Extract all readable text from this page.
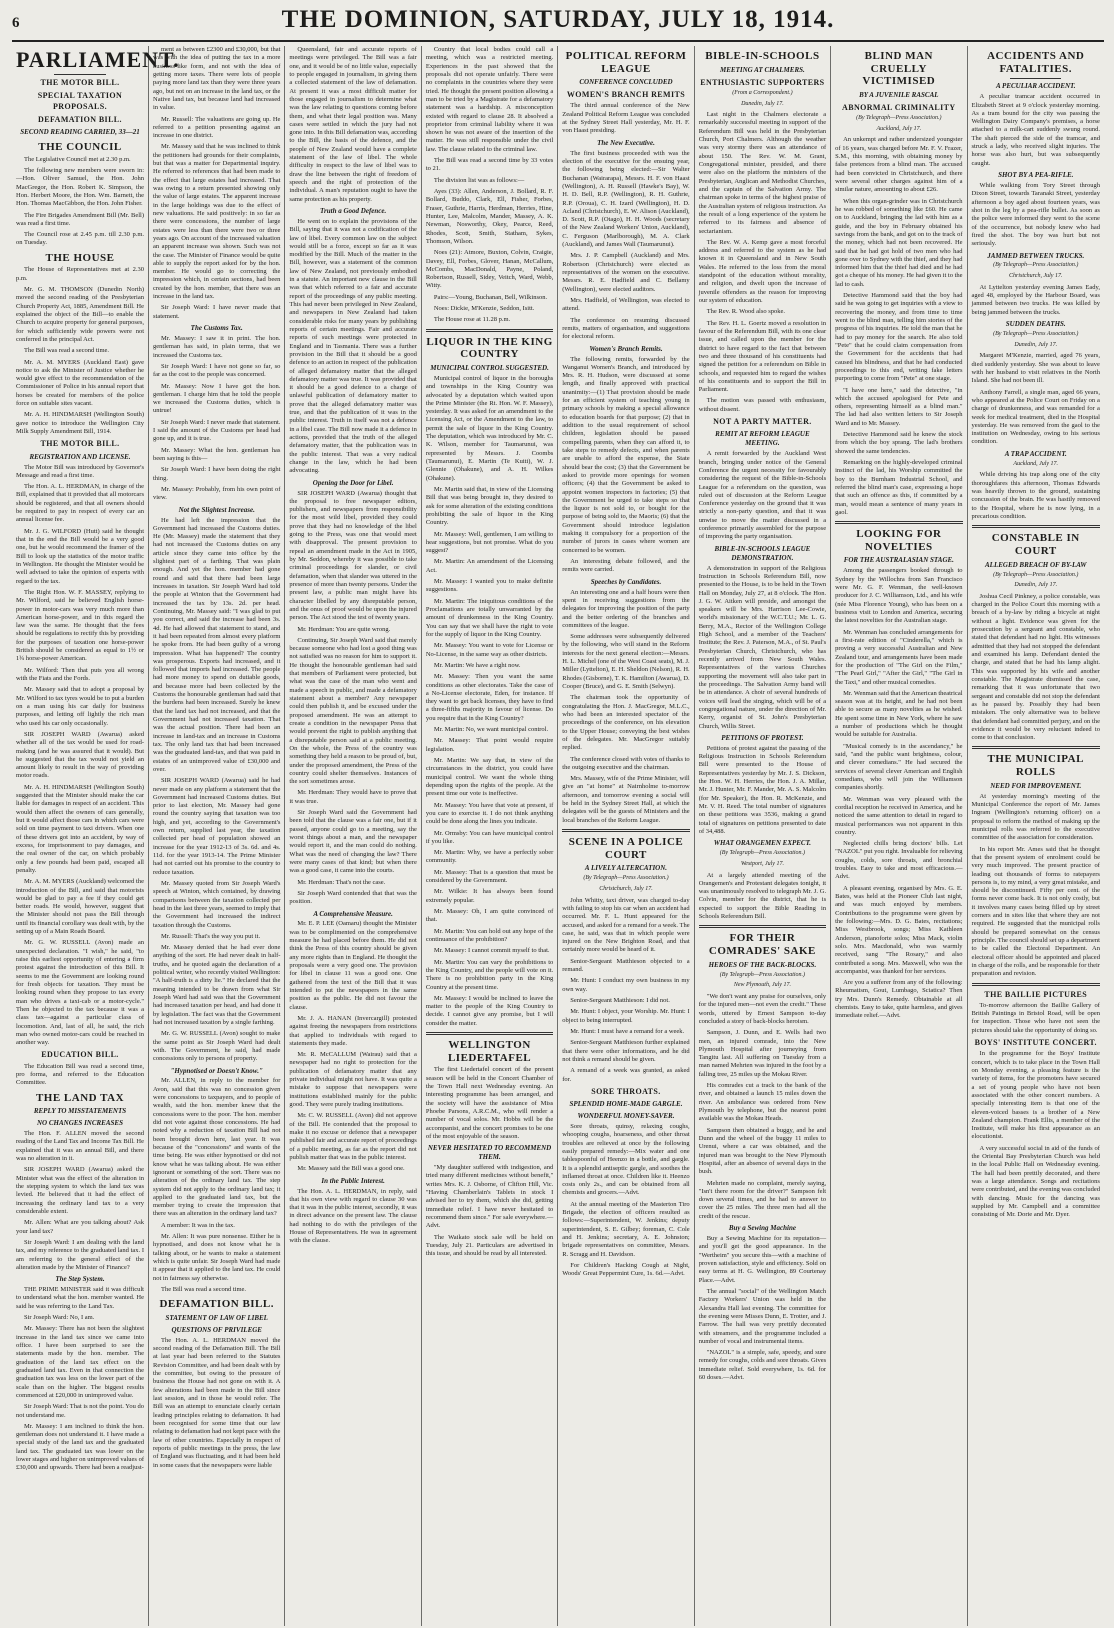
6	THE DOMINION, SATURDAY, JULY 18, 1914.
PARLIAMENT.
THE MOTOR BILL.
SPECIAL TAXATION PROPOSALS.
DEFAMATION BILL.
SECOND READING CARRIED, 33—21
THE COUNCIL

The Legislative Council met at 2.30 p.m.

The following new members were sworn in:—Hon. Oliver Samuel, the Hon. John MacGregor, the Hon. Robert K. Simpson, the Hon. Herbert Moore, the Hon. Wm. Barnett, the Hon. Thomas MacGibbon, the Hon. John Fisher.

The Fire Brigades Amendment Bill (Mr. Bell) was read a first time.

The Council rose at 2.45 p.m. till 2.30 p.m. on Tuesday.

THE HOUSE

The House of Representatives met at 2.30 p.m.

Mr. G. M. THOMSON (Dunedin North) moved the second reading of the Presbyterian Church Property Act, 1885, Amendment Bill. He explained the object of the Bill—to enable the Church to acquire property for general purposes, for which sufficiently wide powers were not conferred in the principal Act.

The Bill was read a second time.

Mr. A. M. MYERS (Auckland East) gave notice to ask the Minister of Justice whether he would give effect to the recommendation of the Commissioner of Police in his annual report that horses be created for members of the police force on suitable sites vacant.

Mr. A. H. HINDMARSH (Wellington South) gave notice to introduce the Wellington City Milk Supply Amendment Bill, 1914.

THE MOTOR BILL.
REGISTRATION AND LICENSE.

The Motor Bill was introduced by Governor's Message and read a first time.

The Hon. A. L. HERDMAN, in charge of the Bill, explained that it provided that all motorcars should be registered, and that all owners should be required to pay in respect of every car an annual license fee.

Mr. J. G. WILFORD (Hutt) said he thought that in the end the Bill would be a very good one, but he would recommend the framer of the Bill to look up the statistics of the motor traffic in Wellington. He thought the Minister would be well advised to take the opinion of experts with regard to the tax.

The Right Hon. W. F. MASSEY, replying to Mr. Wilford, said he believed English horse-power in motor-cars was very much more than American horse-power, and in this regard the law was the same. He thought that the fees should be regulations to rectify this by providing for the purposes of taxation one horse-power British should be considered as equal to 1½ or 1¾ horse-power American.

Mr. Wilford: Then that puts you all wrong with the Fiats and the Fords.

Mr. Massey said that to adopt a proposal by Mr. Wilford to tax tyres would be to put a burden on a man using his car daily for business purposes, and letting off lightly the rich man who used his car only occasionally.

SIR JOSEPH WARD (Awarua) asked whether all of the tax would be used for road-making (and he was assured that it would). But he suggested that the tax would not yield an amount likely to result in the way of providing motor roads.

Mr. A. H. HINDMARSH (Wellington South) suggested that the Minister should make the car liable for damages in respect of an accident. This would then affect the owners of cars generally, but it would affect those cars in which cars were sold on time payment to taxi drivers. When one of these drivers got into an accident, by way of excess, for imprisonment to pay damages, and the real owner of the car, on which probably only a few pounds had been paid, escaped all penalty.

Mr. A. M. MYERS (Auckland) welcomed the introduction of the Bill, and said that motorists would be glad to pay a fee if they could get better roads. He would, however, suggest that the Minister should not pass the Bill through until its financial corollary was dealt with, by the setting up of a Main Roads Board.

Mr. G. W. RUSSELL (Avon) made an unexpected declaration. "I wish," he said, "to raise this earliest opportunity of entering a firm protest against the introduction of this Bill. It seems to me the Government are looking round for fresh objects for taxation. They must be looking round when they propose to tax every man who drives a taxi-cab or a motor-cycle." Then he objected to the tax because it was a class tax—against a particular class of locomotion. And, last of all, he said, the rich man who owned motor-cars could be reached in another way.

EDUCATION BILL.

The Education Bill was read a second time, pro forma, and referred to the Education Committee.

THE LAND TAX
REPLY TO MISSTATEMENTS
NO CHANGES INCREASES

The Hon. F. ALLEN moved the second reading of the Land Tax and Income Tax Bill. He explained that it was an annual Bill, and there was no alteration in it.

SIR JOSEPH WARD (Awarua) asked the Minister what was the effect of the alteration in the stepping system to which the land tax was levied. He believed that it had the effect of increasing the ordinary land tax to a very considerable extent.

Mr. Allen: What are you talking about? Ask your land tax?

Sir Joseph Ward: I am dealing with the land tax, and my reference to the graduated land tax. I am referring to the general effect of the alteration made by the Minister of Finance?

The Step System.

THE PRIME MINISTER said it was difficult to understand what the hon. member wanted. He said he was referring to the Land Tax.

Sir Joseph Ward: No, I am.

Mr. Massey: There has not been the slightest increase in the land tax since we came into office. I have been surprised to see the statements made by the hon. member. The graduation of the land tax effect on the graduated land tax. Even in that connection the graduation tax was less on the lower part of the scale than on the higher. The biggest results commenced at £20,000 in unimproved value.

Sir Joseph Ward: That is not the point. You do not understand me.

Mr. Massey: I am inclined to think the hon. gentleman does not understand it. I have made a special study of the land tax and the graduated land tax. The graduated tax was lower on the lower stages and higher on unimproved values of £30,000 and upwards. There had been a readjust-

ment as between £2300 and £30,000, but that was with the idea of putting the tax in a more business-like form, and not with the idea of getting more taxes. There were lots of people paying more land tax than they were three years ago, but not on an increase in the land tax, or the Native land tax, but because land had increased in value.

Mr. Russell: The valuations are going up. He referred to a petition presenting against an increase in one district.

Mr. Massey said that he was inclined to think the petitioners had grounds for their complaints, but that was a matter for Departmental inquiry. He referred to references that had been made to the effect that large estates had increased. That was owing to a return presented showing only the value of large estates. The apparent increase in the large holdings was due to the effect of new valuations. He said positively: in so far as there were concessions, the number of large estates were less than there were two or three years ago. On account of the increased valuation an apparent increase was shown. Such was not the case. The Minister of Finance would be quite able to supply the report asked for by the hon. member. He would go to correcting the impression which, in certain sections, had been created by the hon. member, that there was an increase in the land tax.

Sir Joseph Ward: I have never made that statement.

The Customs Tax.

Mr. Massey: I saw it in print. The hon. gentleman has said, in plain terms, that we increased the Customs tax.

Sir Joseph Ward: I have not gone so far, so far as the cost to the people was concerned.

Mr. Massey: Now I have got the hon. gentleman. I charge him that he told the people we increased the Customs duties, which is untrue!

Sir Joseph Ward: I never made that statement. I said the amount of the Customs per head had gone up, and it is true.

Mr. Massey: What the hon. gentleman has been saying is this—

Sir Joseph Ward: I have been doing the right thing.

Mr. Massey: Probably, from his own point of view.

Not the Slightest Increase.

He had left the impression that the Government had increased the Customs duties. He (Mr. Massey) made the statement that they had not increased the Customs duties on any article since they came into office by the slightest part of a farthing. That was plain enough. And yet the hon. member had gone round and said that there had been large increases in taxation. Sir Joseph Ward had told the people at Winton that the Government had increased the tax by 13s. 2d. per head. Continuing, Mr. Massey said: "I was glad to put you correct, and said the increase had been 3s. 4d. He had allowed that statement to stand, and it had been repeated from almost every platform he spoke from. He had been guilty of a wrong impression. What has happened? The country was prosperous. Exports had increased, and it followed that imports had increased. The people had more money to spend on dutiable goods, and because more had been collected by the Customs the honourable gentleman had said that the burdens had been increased. Surely he knew that the land tax had not increased, and that the Government had not increased taxation. That was the actual position. There had been an increase in land-tax and an increase in Customs tax. The only land tax that had been increased was the graduated land-tax, and that was paid in estates of an unimproved value of £30,000 and over.

SIR JOSEPH WARD (Awarua) said he had never made on any platform a statement that the Government had increased Customs duties. But prior to last election, Mr. Massey had gone round the country saying that taxation was too high, and yet, according to the Government's own return, supplied last year, the taxation collected per head of population showed an increase for the year 1912-13 of 3s. 6d. and 4s. 11d. for the year 1913-14. The Prime Minister had not carried out his promise to the country to reduce taxation.

Mr. Massey quoted from Sir Joseph Ward's speech at Winton, which contained, by drawing comparisons between the taxation collected per head in the last three years, seemed to imply that the Government had increased the indirect taxation through the Customs.

Mr. Russell: That's the way you put it.

Mr. Massey denied that he had ever done anything of the sort. He had never dealt in half-truths, and he quoted again the declaration of a political writer, who recently visited Wellington: "A half-truth is a dirty lie." He declared that the meaning intended to be drawn from what Sir Joseph Ward had said was that the Government had increased taxation per head, and had done it by legislation. The fact was that the Government had not increased taxation by a single farthing.

Mr. G. W. RUSSELL (Avon) sought to make the same point as Sir Joseph Ward had dealt with. The Government, he said, had made concessions only to persons of property.

"Hypnotised or Doesn't Know."

Mr. ALLEN, in reply to the member for Avon, said that this was no concession given were concessions to taxpayers, and to people of wealth, said the hon. member knew that the concessions were to the poor. The hon. member did not vote against those concessions. He had noted why a reduction of taxation Bill had not been brought down here, last year. It was because of the "concessions" and wants of the time being. He was either hypnotised or did not know what he was talking about. He was either ignorant or something of the sort. There was no alteration of the ordinary land tax. The step system did not apply to the ordinary land tax; it applied to the graduated land tax, but the member trying to create the impression that there was an alteration in the ordinary land tax?

A member: It was in the tax.

Mr. Allen: It was pure nonsense. Either he is hypnotised, and does not know what he is talking about, or he wants to make a statement which is quite unfair. Sir Joseph Ward had made it appear that it applied to the land tax. He could not in fairness say otherwise.

The Bill was read a second time.

DEFAMATION BILL.
STATEMENT OF LAW OF LIBEL
QUESTIONS OF PRIVILEGE

The Hon. A. L. HERDMAN moved the second reading of the Defamation Bill. The Bill at last year had been referred to the Statutes Revision Committee, and had been dealt with by the committee, but owing to the pressure of business the House had not gone on with it. A few alterations had been made in the Bill since last session, and in those he would refer. The Bill was an attempt to enunciate clearly certain leading principles relating to defamation. It had been recognised for some time that our law relating to defamation had not kept pace with the law of other countries. Especially in respect of reports of public meetings in the press, the law of England was fluctuating, and it had been held in some cases that the newspapers were liable

Queensland, fair and accurate reports of meetings were privileged. The Bill was a fair one, and it would be of no little value, especially to people engaged in journalism, in giving them a collected statement of the law of defamation. At present it was a most difficult matter for those engaged in journalism to determine what was the law relating to questions coming before them, and what their legal position was. Many cases were settled in which the jury had not gone into. In this Bill defamation was, according to the Bill, the basis of the defence, and the people of New Zealand would have a complete statement of the law of libel. The whole difficulty in respect to the law of libel was to draw the line between the right of freedom of speech and the right of protection of the individual. A man's reputation ought to have the same protection as his property.

Truth a Good Defence.

He went on to explain the provisions of the Bill, saying that it was not a codification of the law of libel. Every common law on the subject would still be a force, except so far as it was modified by the Bill. Much of the matter in the Bill, however, was a statement of the common law of New Zealand, not previously embodied in a statute. An important new clause in the Bill was that which referred to a fair and accurate report of the proceedings of any public meeting. This had never been privileged in New Zealand, and newspapers in New Zealand had taken considerable risks for many years by publishing reports of certain meetings. Fair and accurate reports of such meetings were protected in England and in Tasmania. There was a further provision in the Bill that it should be a good defence to an action in respect of the publication of alleged defamatory matter that the alleged defamatory matter was true. It was provided that it should be a good defence to a charge of unlawful publication of defamatory matter to prove that the alleged defamatory matter was true, and that the publication of it was in the public interest. Truth in itself was not a defence in a libel case. The Bill now made it a defence in actions, provided that the truth of the alleged defamatory matter, that the publication was in the public interest. That was a very radical change in the law, which he had been advocating.

Opening the Door for Libel.

SIR JOSEPH WARD (Awarua) thought that the proposal to free newspaper editors, publishers, and newspapers from responsibility for the most wild libel, provided they could prove that they had no knowledge of the libel going to the Press, was one that would meet with disapproval. The present provision to repeal an amendment made in the Act in 1905, by Mr. Seddon, whereby it was possible to take criminal proceedings for slander, or civil defamation, when that slander was uttered in the presence of more than twenty persons. Under the present law, a public man might have his character libelled by any disreputable person, and the onus of proof would be upon the injured person. The Act stood the test of twenty years.

Mr. Herdman: You are quite wrong.

Continuing, Sir Joseph Ward said that merely because someone who had lost a good thing was not satisfied was no reason for him to support it. He thought the honourable gentleman had said that members of Parliament were protected, but what was the case of the man who went and made a speech in public, and made a defamatory statement about a member? Any newspaper could then publish it, and be excused under the proposed amendment. He was an attempt to create a condition in the newspaper Press that would prevent the right to publish anything that a disreputable person said at a public meeting. On the whole, the Press of the country was something they held a reason to be proud of, but, under the proposed amendment, the Press of the country could shelter themselves. Instances of the sort sometimes arose.

Mr. Herdman: They would have to prove that it was true.

Sir Joseph Ward said the Government had been told that the clause was a fair one, but if it passed, anyone could go to a meeting, say the worst things about a man, and the newspaper would report it, and the man could do nothing. What was the need of changing the law? There were many cases of that kind; but when there was a good case, it came into the courts.

Mr. Herdman: That's not the case.

Sir Joseph Ward contended that that was the position.

A Comprehensive Measure.

Mr. E. P. LEE (Oamaru) thought the Minister was to be complimented on the comprehensive measure he had placed before them. He did not think the Press of this country should be given any more rights than in England. He thought the proposals were a very good one. The provision for libel in clause 11 was a good one. One gathered from the text of the Bill that it was intended to put the newspapers in the same position as the public. He did not favour the clause.

Mr. J. A. HANAN (Invercargill) protested against freeing the newspapers from restrictions that applied to individuals with regard to statements they made.

Mr. R. McCALLUM (Wairau) said that a newspaper had no right to protection for the publication of defamatory matter that any private individual might not have. It was quite a mistake to suppose that newspapers were institutions established mainly for the public good. They were purely trading institutions.

Mr. C. W. RUSSELL (Avon) did not approve of the Bill. He contended that the proposal to make it no excuse or defence that a newspaper published fair and accurate report of proceedings of a public meeting, as far as the report did not publish matter that was in the public interest.

Mr. Massey said the Bill was a good one.

In the Public Interest.

The Hon. A. L. HERDMAN, in reply, said that his own view with regard to clause 30 was that it was in the public interest, secondly, it was in direct advance on the present law. The clause had nothing to do with the privileges of the House of Representatives. He was in agreement with the clause.

Country that local bodies could call a meeting, which was a restricted meeting. Experiences in the past showed that the proposals did not operate unfairly. There were no complaints in the countries where they were tried. He thought the present position allowing a man to be tried by a Magistrate for a defamatory statement was a hardship. A misconception existed with regard to clause 28. It absolved a proprietor from criminal liability where it was shown he was not aware of the insertion of the matter. He was still responsible under the civil law. The clause related to the criminal law.

The Bill was read a second time by 33 votes to 21.

The division list was as follows:—

Ayes (33): Allen, Anderson, J. Bollard, R. F. Bollard, Buddo, Clark, Ell, Fisher, Forbes, Fraser, Guthrie, Harris, Herdman, Herries, Hine, Hunter, Lee, Malcolm, Mander, Massey, A. K. Newman, Nosworthy, Okey, Pearce, Reed, Rhodes, Scott, Smith, Statham, Sykes, Thomson, Wilson.

Noes (21): Atmore, Buxton, Colvin, Craigie, Davey, Ell, Forbes, Glover, Hanan, McCallum, McCombs, MacDonald, Payne, Poland, Robertson, Russell, Sidey, Veitch, Ward, Webb, Witty.

Pairs:—Young, Buchanan, Bell, Wilkinson.

Noes: Dickie, M'Kenzie, Seddon, Isitt.

The House rose at 11.28 p.m.

LIQUOR IN THE KING COUNTRY
MUNICIPAL CONTROL SUGGESTED.

Municipal control of liquor in the boroughs and townships in the King Country was advocated by a deputation which waited upon the Prime Minister (the Rt. Hon. W. F. Massey), yesterday. It was asked for an amendment to the Licensing Act, or the Amendment to the law, to permit the sale of liquor in the King Country. The deputation, which was introduced by Mr. C. K. Wilson, member for Taumarunui, was represented by Messrs. J. Coombs (Taumarunui), E. Martin (Te Kuiti), W. J. Glennie (Ohakune), and A. H. Wilkes (Ohakune).

Mr. Martin said that, in view of the Licensing Bill that was being brought in, they desired to ask for some alteration of the existing conditions prohibiting the sale of liquor in the King Country.

Mr. Massey: Well, gentlemen, I am willing to hear suggestions, but not promise. What do you suggest?

Mr. Martin: An amendment of the Licensing Act.

Mr. Massey: I wanted you to make definite suggestions.

Mr. Martin: The iniquitous conditions of the Proclamations are totally unwarranted by the amount of drunkenness in the King Country. You can say that we shall have the right to vote for the supply of liquor in the King Country.

Mr. Massey: You want to vote for License or No-License, in the same way as other districts.

Mr. Martin: We have a right now.

Mr. Massey: Then you want the same conditions as other electorates. Take the case of a No-License electorate, Eden, for instance. If they want to get back licenses, they have to find a three-fifths majority in favour of license. Do you require that in the King Country?

Mr. Martin: No, we want municipal control.

Mr. Massey: That point would require legislation.

Mr. Martin: We say that, in view of the circumstances in the district, you could have municipal control. We want the whole thing depending upon the rights of the people. At the present time our vote is ineffective.

Mr. Massey: You have that vote at present, if you care to exercise it. I do not think anything could be done along the lines you indicate.

Mr. Ormsby: You can have municipal control if you like.

Mr. Martin: Why, we have a perfectly sober community.

Mr. Massey: That is a question that must be considered by the Government.

Mr. Wilkie: It has always been found extremely popular.

Mr. Massey: Oh, I am quite convinced of that.

Mr. Martin: You can hold out any hope of the continuance of the prohibition?

Mr. Massey: I cannot commit myself to that.

Mr. Martin: You can vary the prohibitions to the King Country, and the people will vote on it. There is no prohibition party in the King Country at the present time.

Mr. Massey: I would be inclined to leave the matter to the people of the King Country to decide. I cannot give any promise, but I will consider the matter.

WELLINGTON LIEDERTAFEL

The first Liedertafel concert of the present season will be held in the Concert Chamber of the Town Hall next Wednesday evening. An interesting programme has been arranged, and the society will have the assistance of Miss Phoebe Parsons, A.R.C.M., who will render a number of vocal solos. Mr. Hobbs will be the accompanist, and the concert promises to be one of the most enjoyable of the season.

NEVER HESITATED TO RECOMMEND THEM.

"My daughter suffered with indigestion, and tried many different medicines without benefit," writes Mrs. K. J. Osborne, of Clifton Hill, Vic. "Having Chamberlain's Tablets in stock I advised her to try them, which she did, getting immediate relief. I have never hesitated to recommend them since." For sale everywhere.—Advt.

The Waikato stock sale will be held on Tuesday, July 21. Particulars are advertised in this issue, and should be read by all interested.

POLITICAL REFORM LEAGUE
CONFERENCE CONCLUDED
WOMEN'S BRANCH REMITS

The third annual conference of the New Zealand Political Reform League was concluded at the Sydney Street Hall yesterday, Mr. H. F. von Haast presiding.

The New Executive.

The first business proceeded with was the election of the executive for the ensuing year, the following being elected:—Sir Walter Buchanan (Wairarapa), Messrs. H. F. von Haast (Wellington), A. H. Russell (Hawke's Bay), W. H. D. Bell, R.P. (Wellington), R. H. Guthrie, R.P. (Oroua), C. H. Izard (Wellington), H. D. Acland (Christchurch), E. W. Alison (Auckland), D. Scott, R.P. (Otago), H. H. Woods (secretary of the New Zealand Workers' Union, Auckland), C. Ferguson (Marlborough), M. A. Clark (Auckland), and James Wall (Taumarunui).

Mrs. J. P. Campbell (Auckland) and Mrs. Robertson (Christchurch) were elected as representatives of the women on the executive. Messrs. R. E. Hadfield and C. Bellamy (Wellington), were elected auditors.

Mrs. Hadfield, of Wellington, was elected to attend.

The conference on resuming discussed remits, matters of organisation, and suggestions for electoral reform.

Women's Branch Remits.

The following remits, forwarded by the Wanganui Women's Branch, and introduced by Mrs. R. H. Hudson, were discussed at some length, and finally approved with practical unanimity:—(1) That provision should be made for an efficient system of teaching young in primary schools by making a special allowance to education boards for that purpose; (2) that in addition to the usual requirement of school children, legislation should be passed compelling parents, when they can afford it, to take steps to remedy defects, and when parents are unable to afford the expense, the State should bear the cost; (3) that the Government be asked to provide more openings for women officers; (4) that the Government be asked to appoint women inspectors in factories; (5) that the Government be urged to take steps so that the liquor is not sold to, or bought for the purpose of being sold to, the Maoris; (6) that the Government should introduce legislation making it compulsory for a proportion of the number of jurors in cases where women are concerned to be women.

An interesting debate followed, and the remits were carried.

Speeches by Candidates.

An interesting one and a half hours were then spent in receiving suggestions from the delegates for improving the position of the party and the better ordering of the branches and committees of the league.

Some addresses were subsequently delivered by the following, who will stand in the Reform interests for the next general election:—Messrs. H. L. Michel (one of the West Coast seats), M. J. Miller (Lyttelton), E. H. Sheldon (Nelson), R. H. Rhodes (Gisborne), T. K. Hamilton (Awarua), D. Cooper (Bruce), and G. E. Smith (Selwyn).

The chairman took the opportunity of congratulating the Hon. J. MacGregor, M.L.C., who had been an interested spectator of the proceedings of the conference, on his elevation to the Upper House; conveying the best wishes of the delegates. Mr. MacGregor suitably replied.

The conference closed with votes of thanks to the outgoing executive and the chairman.

Mrs. Massey, wife of the Prime Minister, will give an "at home" at Nairnholme to-morrow afternoon, and tomorrow evening a social will be held in the Sydney Street Hall, at which the delegates will be the guests of Ministers and the local branches of the Reform League.

SCENE IN A POLICE COURT
A LIVELY ALTERCATION.

(By Telegraph—Press Association.)

Christchurch, July 17.

John Whitty, taxi driver, was charged to-day with failing to stop his car when an accident had occurred. Mr. F. L. Hunt appeared for the accused, and asked for a remand for a week. The case, he said, was that in which people were injured on the New Brighton Road, and that certainly more would be heard of it.

Senior-Sergeant Matthieson objected to a remand.

Mr. Hunt: I conduct my own business in my own way.

Senior-Sergeant Matthieson: I did not.

Mr. Hunt: I object, your Worship. Mr. Hunt: I object to being interrupted.

Mr. Hunt: I must have a remand for a week.

Senior-Sergeant Matthieson further explained that there were other informations, and he did not think a remand should be given.

A remand of a week was granted, as asked for.

SORE THROATS.
SPLENDID HOME-MADE GARGLE.
WONDERFUL MONEY-SAVER.

Sore throats, quinsy, relaxing coughs, whooping coughs, hoarseness, and other throat troubles are relieved at once by the following easily prepared remedy:—Mix water and one tablespoonful of Heenzo in a bottle, and gargle. It is a splendid antiseptic gargle, and soothes the inflamed throat at once. Children like it. Heenzo costs only 2s., and can be obtained from all chemists and grocers.—Advt.

At the annual meeting of the Masterton Tiro Brigade, the election of officers resulted as follows:—Superintendent, W. Jenkins; deputy superintendent, S. E. Gilbey; foreman, C. Cole and H. Jenkins; secretary, A. E. Johnston; brigade representatives on committee, Messrs. R. Scragg and H. Davidson.

For Children's Hacking Cough at Night, Woods' Great Peppermint Cure, 1s. 6d.—Advt.

BIBLE-IN-SCHOOLS
MEETING AT CHALMERS.
ENTHUSIASTIC SUPPORTERS

(From a Correspondent.)

Dunedin, July 17.

Last night in the Chalmers electorate a remarkably successful meeting in support of the Referendum Bill was held in the Presbyterian Church, Port Chalmers. Although the weather was very stormy there was an attendance of about 150. The Rev. W. M. Grant, Congregational minister, presided, and there were also on the platform the ministers of the Presbyterian, Anglican and Methodist Churches, and the captain of the Salvation Army. The chairman spoke in terms of the highest praise of the Australian system of religious instruction. As the result of a long experience of the system he referred to its fairness and absence of sectarianism.

The Rev. W. A. Kemp gave a most forceful address and referred to the system as he had known it in Queensland and in New South Wales. He referred to the loss from the moral standpoint of the education without morality, and religion, and dwelt upon the increase of juvenile offenders as the reason for improving our system of education.

The Rev. R. Wood also spoke.

The Rev. H. L. Goertz moved a resolution in favour of the Referendum Bill, with its one clear issue, and called upon the member for the district to have regard to the fact that between two and three thousand of his constituents had signed the petition for a referendum on Bible in schools, and requested him to regard the wishes of his constituents and to support the Bill in Parliament.

The motion was passed with enthusiasm, without dissent.

NOT A PARTY MATTER.
REMIT AT REFORM LEAGUE MEETING.

A remit forwarded by the Auckland West branch, bringing under notice of the General Conference the urgent necessity for favourably considering the request of the Bible-in-Schools League for a referendum on the question, was ruled out of discussion at the Reform League Conference yesterday on the ground that it was strictly a non-party question, and that it was unwise to move the matter discussed in a conference primarily assembled for the purpose of improving the party organisation.

BIBLE-IN-SCHOOLS LEAGUE DEMONSTRATION.

A demonstration in support of the Religious Instruction in Schools Referendum Bill, now presented to the House, is to be held in the Town Hall on Monday, July 27, at 8 o'clock. The Hon. J. G. W. Aitken will preside, and amongst the speakers will be Mrs. Harrison Lee-Cowie, world's missionary of the W.C.T.U.; Mr. L. G. Berry, M.A., Rector of the Wellington College High School, and a member of the Teachers' Institute; the Rev. J. Paterson, M.A., of St. Paul's Presbyterian Church, Christchurch, who has recently arrived from New South Wales. Representatives of the various Churches supporting the movement will also take part in the proceedings. The Salvation Army band will be in attendance. A choir of several hundreds of voices will lead the singing, which will be of a congregational nature, under the direction of Mr. Kerry, organist of St. John's Presbyterian Church, Willis Street.

PETITIONS OF PROTEST.

Petitions of protest against the passing of the Religious Instruction in Schools Referendum Bill were presented to the House of Representatives yesterday by Mr. J. S. Dickson, the Hon. W. H. Herries, the Hon. J. A. Millar, Mr. J. Hunter, Mr. F. Mander, Mr. A. S. Malcolm (for Mr. Speaker), the Hon. R. McKenzie, and Mr. V. H. Reed. The total number of signatures on these petitions was 3536, making a grand total of signatures on petitions presented to date of 34,488.

WHAT ORANGEMEN EXPECT.

(By Telegraph—Press Association.)

Westport, July 17.

At a largely attended meeting of the Orangemen's and Protestant delegates tonight, it was unanimously resolved to telegraph Mr. J. G. Colvin, member for the district, that he is expected to support the Bible Reading in Schools Referendum Bill.

FOR THEIR COMRADES' SAKE
HEROES OF THE BACK-BLOCKS.

(By Telegraph—Press Association.)

New Plymouth, July 17.

"We don't want any praise for ourselves, only for the injured men—not even the credit." These words, uttered by Ernest Sampson to-day concluded a story of back-blocks heroism.

Sampson, J. Dunn, and E. Wells had two men, an injured comrade, into the New Plymouth Hospital after journeying from Tangitu last. All suffering on Tuesday from a man named Mehrten was injured in the foot by a falling tree, 25 miles up the Mokau River.

His comrades cut a track to the bank of the river, and obtained a launch 15 miles down the river. An ambulance was ordered from New Plymouth by telephone, but the nearest point available was the Mokau Heads.

Sampson then obtained a buggy, and he and Dunn and the wheel of the buggy 11 miles to Urenui, where a car was obtained, and the injured man was brought to the New Plymouth Hospital, after an absence of several days in the bush.

Mehrten made no complaint, merely saying, "Isn't there room for the driver?" Sampson felt down several times, and he had to answer to cover the 25 miles. The three men had all the credit of the rescue.

Buy a Sewing Machine

Buy a Sewing Machine for its reputation—and you'll get the good appearance. In the "Wertheim" you secure this—with a machine of proven satisfaction, style and efficiency. Sold on easy terms at H. G. Wellington, 89 Courtenay Place.—Advt.

The annual "social" of the Wellington Match Factory Workers' Union was held in the Alexandra Hall last evening. The committee for the evening were Misses Dunn, E. Trotter, and J. Farrow. The hall was very prettily decorated with streamers, and the programme included a number of vocal and instrumental items.

"NAZOL" is a simple, safe, speedy, and sure remedy for coughs, colds and sore throats. Gives immediate relief. Sold everywhere, 1s. 6d. for 60 doses.—Advt.

BLIND MAN CRUELLY VICTIMISED
BY A JUVENILE RASCAL
ABNORMAL CRIMINALITY

(By Telegraph—Press Association.)

Auckland, July 17.

An unkempt and rather undersized youngster of 16 years, was charged before Mr. F. V. Frazer, S.M., this morning, with obtaining money by false pretences from a blind man. The accused had been convicted in Christchurch, and there were several other charges against him of a similar nature, amounting to about £26.

When this organ-grinder was in Christchurch he was robbed of something like £60. He came on to Auckland, bringing the lad with him as a guide, and the boy in February obtained his savings from the bank, and got on to the track of the money, which had not been recovered. He said that he had got hold of two men who had gone over to Sydney with the thief, and they had informed him that the thief had died and he had got a cheque of his money. He had given it to the lad to cash.

Detective Hammond said that the boy had said he was going to get inquiries with a view to recovering the money, and from time to time went to the blind man, telling him stories of the progress of his inquiries. He told the man that he had to pay money for the search. He also told "Pete" that he could claim compensation from the Government for the accidents that had caused his blindness, and that he had conducted proceedings to this end, writing fake letters purporting to come from "Pete" at one stage.

"I have one here," said the detective, "in which the accused apologised for Pete and others, representing himself as a blind man." The lad had also written letters to Sir Joseph Ward and to Mr. Massey.

Detective Hammond said he knew the stock from which the boy sprang. The lad's brothers showed the same tendencies.

Remarking on the highly-developed criminal instinct of the lad, his Worship committed the boy to the Burnham Industrial School, and referred the blind man's case, expressing a hope that such an offence as this, if committed by a man, would mean a sentence of many years in gaol.

LOOKING FOR NOVELTIES
FOR THE AUSTRALASIAN STAGE.

Among the passengers booked through to Sydney by the Willochra from San Francisco were Mr. G. F. Wenman, the well-known producer for J. C. Williamson, Ltd., and his wife (née Miss Florence Young), who has been on a business visit to London and America, securing the latest novelties for the Australian stage.

Mr. Wenman has concluded arrangements for a first-rate edition of "Cinderella," which is proving a very successful Australian and New Zealand tour, and arrangements have been made for the production of "The Girl on the Film," "The Pearl Girl," "After the Girl," "The Girl in the Taxi," and other musical comedies.

Mr. Wenman said that the American theatrical season was at its height, and he had not been able to secure as many novelties as he wished. He spent some time in New York, where he saw a number of productions which he thought would be suitable for Australia.

"Musical comedy is in the ascendancy," he said, "and the public want brightness, colour, and clever comedians." He had secured the services of several clever American and English comedians, who will join the Williamson companies shortly.

Mr. Wenman was very pleased with the cordial reception he received in America, and he noticed the same attention to detail in regard to musical performances was not apparent in this country.

Neglected chills bring doctors' bills. Let "NAZOL" put you right. Invaluable for relieving coughs, colds, sore throats, and bronchial troubles. Easy to take and most efficacious.—Advt.

A pleasant evening, organised by Mrs. G. E. Bates, was held at the Pioneer Club last night, and was much enjoyed by members. Contributions to the programme were given by the following:—Mrs. D. G. Bates, recitations; Miss Westbrook, songs; Miss Kathleen Anderson, pianoforte solos; Miss Mack, violin solo. Mrs. Macdonald, who was warmly received, sang "The Rosary," and also contributed a song. Mrs. Maxwell, who was the accompanist, was thanked for her services.

Are you a sufferer from any of the following: Rheumatism, Gout, Lumbago, Sciatica? Then try Mrs. Dunn's Remedy. Obtainable at all chemists. Easy to take, quite harmless, and gives immediate relief.—Advt.

ACCIDENTS AND FATALITIES.
A PECULIAR ACCIDENT.

A peculiar tramcar accident occurred in Elizabeth Street at 9 o'clock yesterday morning. As a tram bound for the city was passing the Wellington Dairy Company's premises, a horse attached to a milk-cart suddenly swung round. The shaft pierced the side of the tramcar, and struck a lady, who received slight injuries. The horse was also hurt, but was subsequently caught.

SHOT BY A PEA-RIFLE.

While walking from Tory Street through Dixon Street, towards Taranaki Street, yesterday afternoon a boy aged about fourteen years, was shot in the leg by a pea-rifle bullet. As soon as the police were informed they went to the scene of the occurrence, but nobody knew who had fired the shot. The boy was hurt but not seriously.

JAMMED BETWEEN TRUCKS.

(By Telegraph—Press Association.)

Christchurch, July 17.

At Lyttelton yesterday evening James Eady, aged 48, employed by the Harbour Board, was jammed between two trucks. He was killed by being jammed between the trucks.

SUDDEN DEATHS.

(By Telegraph—Press Association.)

Dunedin, July 17.

Margaret M'Kenzie, married, aged 76 years, died suddenly yesterday. She was about to leave with her husband to visit relatives in the North Island. She had not been ill.

Anthony Farrell, a single man, aged 66 years, who appeared at the Police Court on Friday on a charge of drunkenness, and was remanded for a week for medical treatment, died in the Hospital yesterday. He was removed from the gaol to the institution on Wednesday, owing to his serious condition.

A TRAP ACCIDENT.

Auckland, July 17.

While driving his trap along one of the city thoroughfares this afternoon, Thomas Edwards was heavily thrown to the ground, sustaining concussion of the brain. He was hastily removed to the Hospital, where he is now lying, in a precarious condition.

CONSTABLE IN COURT
ALLEGED BREACH OF BY-LAW

(By Telegraph—Press Association.)

Dunedin, July 17.

Joshua Cecil Pinkney, a police constable, was charged in the Police Court this morning with a breach of a by-law by riding a bicycle at night without a light. Evidence was given for the prosecution by a sergeant and constable, who stated that defendant had no light. His witnesses admitted that they had not stopped the defendant and examined his lamp. Defendant denied the charge, and stated that he had his lamp alight. This was supported by his wife and another constable. The Magistrate dismissed the case, remarking that it was unfortunate that two sergeant and constable did not stop the defendant as he passed by. Possibly they had been mistaken. The only alternative was to believe that defendant had committed perjury, and on the evidence it would be very reluctant indeed to come to that conclusion.

THE MUNICIPAL ROLLS
NEED FOR IMPROVEMENT.

At yesterday morning's meeting of the Municipal Conference the report of Mr. James Ingram (Wellington's returning officer) on a proposal to reform the method of making up the municipal rolls was referred to the executive committee of the association for consideration.

In his report Mr. Ames said that he thought that the present system of enrolment could be very much improved. The present practice of leading out thousands of forms to ratepayers persons is, to my mind, a very great mistake, and should be discontinued. Fifty per cent. of the forms never come back. It is not only costly, but it involves many cases being filled up by street corners and in sites like that where they are not required. He suggested that the municipal rolls should be prepared somewhat on the census principle. The council should set up a department to be called the Electoral Department. An electoral officer should be appointed and placed in charge of the rolls, and be responsible for their preparation and revision.

THE BAILLIE PICTURES

To-morrow afternoon the Baillie Gallery of British Paintings in Bristol Road, will be open for inspection. Those who have not seen the pictures should take the opportunity of doing so.

BOYS' INSTITUTE CONCERT.

In the programme for the Boys' Institute concert, which is to take place in the Town Hall on Monday evening, a pleasing feature is the variety of items, for the promoters have secured a set of young people who have not been associated with the other concert numbers. A specially interesting item is that one of the eleven-voiced basses is a brother of a New Zealand champion. Frank Ellis, a member of the Institute, will make his first appearance as an elocutionist.

A very successful social in aid of the funds of the Oriental Bay Presbyterian Church was held in the local Public Hall on Wednesday evening. The hall had been prettily decorated, and there was a large attendance. Songs and recitations were contributed, and the evening was concluded with dancing. Music for the dancing was supplied by Mr. Campbell and a committee consisting of Mr. Dorie and Mr. Dyer.
